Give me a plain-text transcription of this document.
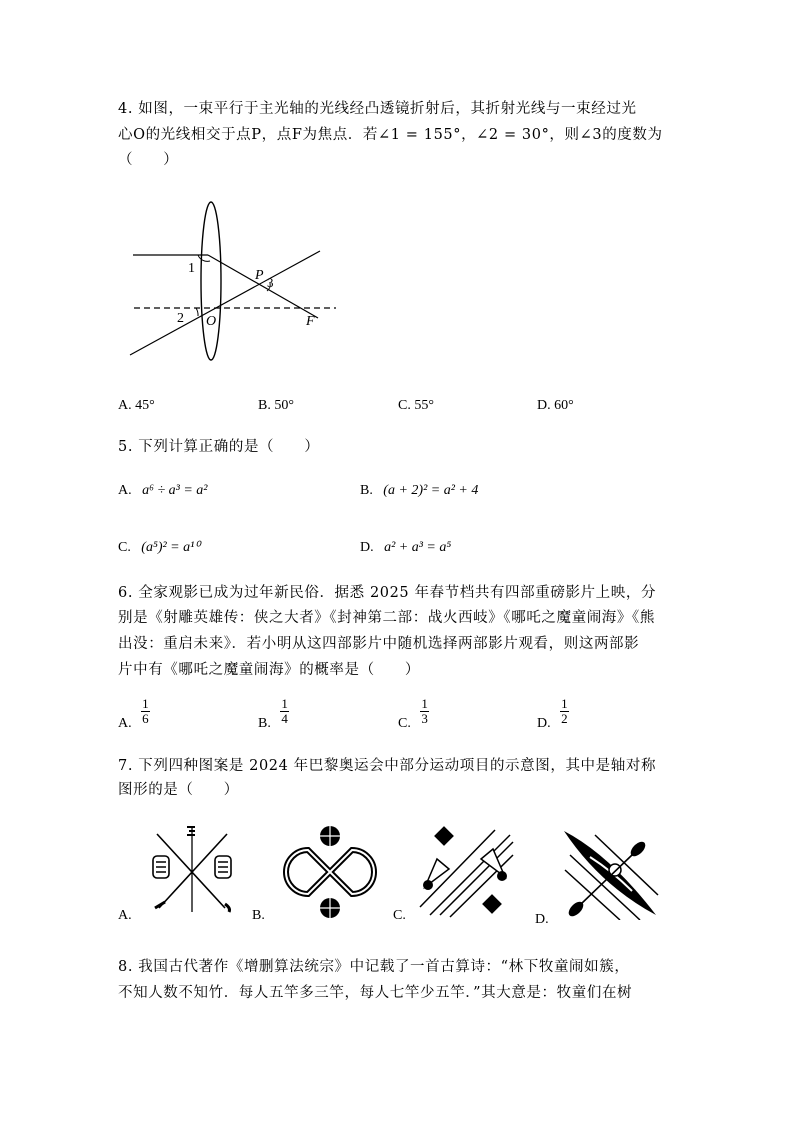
4. 如图，一束平行于主光轴的光线经凸透镜折射后，其折射光线与一束经过光
心O的光线相交于点P，点F为焦点．若∠1 = 155°，∠2 = 30°，则∠3的度数为
（　　）
1
2
3
P
O	F
A. 45°	B. 50°	C. 55°	D. 60°
5. 下列计算正确的是（　　）
A. a⁶ ÷ a³ = a²	B. (a + 2)² = a² + 4
C. (a⁵)² = a¹⁰	D. a² + a³ = a⁵
6. 全家观影已成为过年新民俗．据悉 2025 年春节档共有四部重磅影片上映，分
别是《射雕英雄传：侠之大者》《封神第二部：战火西岐》《哪吒之魔童闹海》《熊
出没：重启未来》．若小明从这四部影片中随机选择两部影片观看，则这两部影
片中有《哪吒之魔童闹海》的概率是（　　）
A. $\frac{1}{6}$	B. $\frac{1}{4}$	C. $\frac{1}{3}$	D. $\frac{1}{2}$
7. 下列四种图案是 2024 年巴黎奥运会中部分运动项目的示意图，其中是轴对称
图形的是（　　）
A.	B.	C.	D.
8. 我国古代著作《增删算法统宗》中记载了一首古算诗：“林下牧童闹如簇，
不知人数不知竹．每人五竿多三竿，每人七竿少五竿．”其大意是：牧童们在树
